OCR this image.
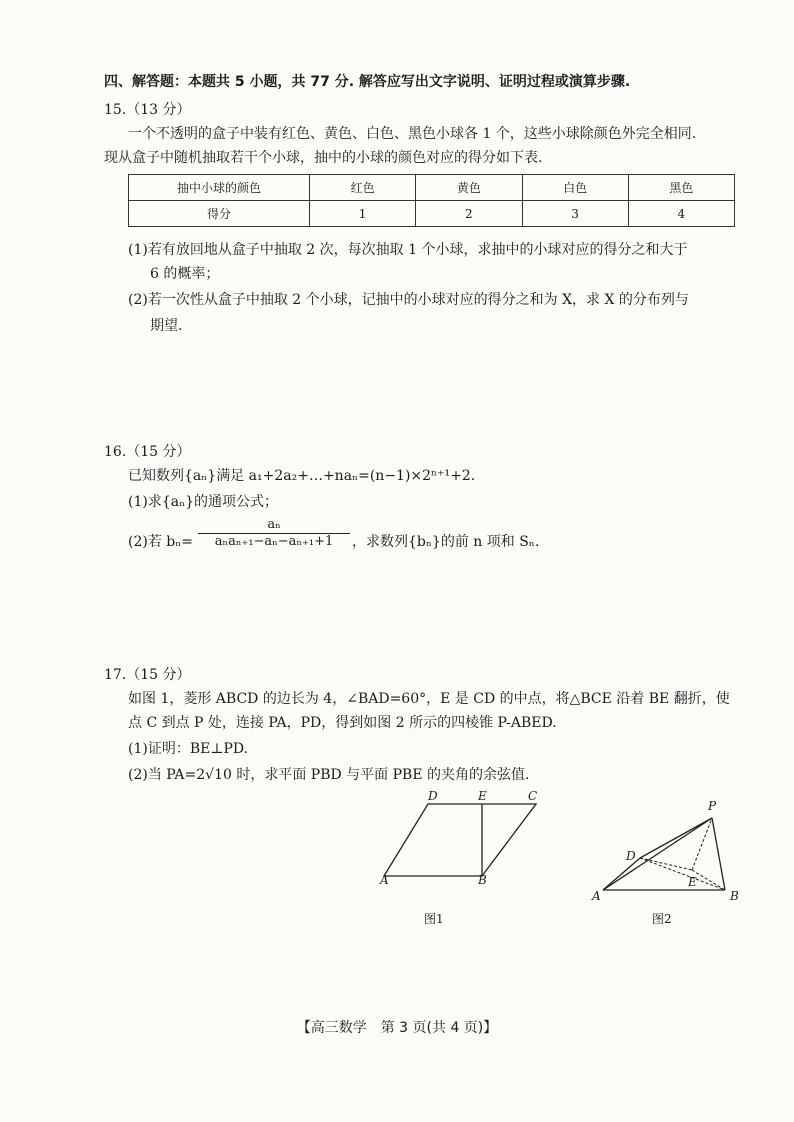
四、解答题：本题共 5 小题，共 77 分. 解答应写出文字说明、证明过程或演算步骤.
15.（13 分）
一个不透明的盒子中装有红色、黄色、白色、黑色小球各 1 个，这些小球除颜色外完全相同.
现从盒子中随机抽取若干个小球，抽中的小球的颜色对应的得分如下表.
抽中小球的颜色	红色	黄色	白色	黑色
得分	1	2	3	4
(1)若有放回地从盒子中抽取 2 次，每次抽取 1 个小球，求抽中的小球对应的得分之和大于
6 的概率；
(2)若一次性从盒子中抽取 2 个小球，记抽中的小球对应的得分之和为 X，求 X 的分布列与
期望.
16.（15 分）
已知数列{aₙ}满足 a₁+2a₂+…+naₙ=(n−1)×2ⁿ⁺¹+2.
(1)求{aₙ}的通项公式；
(2)若 bₙ=
aₙ
aₙaₙ₊₁−aₙ−aₙ₊₁+1	，求数列{bₙ}的前 n 项和 Sₙ.
17.（15 分）
如图 1，菱形 ABCD 的边长为 4，∠BAD=60°，E 是 CD 的中点，将△BCE 沿着 BE 翻折，使
点 C 到点 P 处，连接 PA，PD，得到如图 2 所示的四棱锥 P-ABED.
(1)证明：BE⊥PD.
(2)当 PA=2√10 时，求平面 PBD 与平面 PBE 的夹角的余弦值.
D	E	C
A	B
图1
P
D
E
A	B
图2
【高三数学　第 3 页(共 4 页)】
